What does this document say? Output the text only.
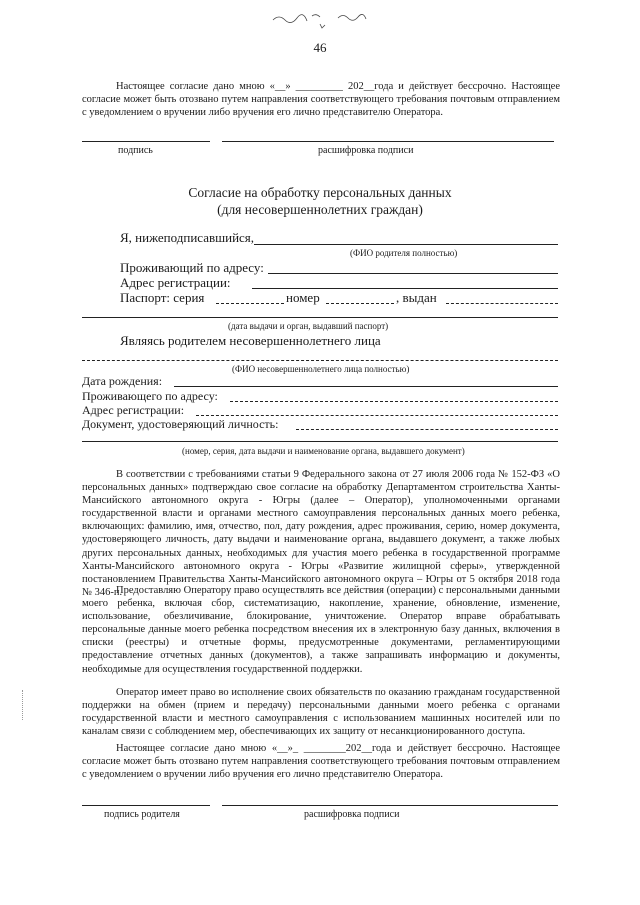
46
Настоящее согласие дано мною «__» _________ 202__года и действует бессрочно. Настоящее согласие может быть отозвано путем направления соответствующего требования почтовым отправлением с уведомлением о вручении либо вручения его лично представителю Оператора.
подпись	расшифровка подписи
Согласие на обработку персональных данных
(для несовершеннолетних граждан)
Я, нижеподписавшийся,
(ФИО родителя полностью)
Проживающий по адресу:
Адрес регистрации:
Паспорт: серия	номер	, выдан
(дата выдачи и орган, выдавший паспорт)
Являясь родителем несовершеннолетнего лица
(ФИО несовершеннолетнего лица полностью)
Дата рождения:
Проживающего по адресу:
Адрес регистрации:
Документ, удостоверяющий личность:
(номер, серия, дата выдачи и наименование органа, выдавшего документ)
В соответствии с требованиями статьи 9 Федерального закона от 27 июля 2006 года № 152-ФЗ «О персональных данных» подтверждаю свое согласие на обработку Департаментом строительства Ханты-Мансийского автономного округа - Югры (далее – Оператор), уполномоченными органами государственной власти и органами местного самоуправления персональных данных моего ребенка, включающих: фамилию, имя, отчество, пол, дату рождения, адрес проживания, серию, номер документа, удостоверяющего личность, дату выдачи и наименование органа, выдавшего документ, а также любых других персональных данных, необходимых для участия моего ребенка в государственной программе Ханты-Мансийского автономного округа - Югры «Развитие жилищной сферы», утвержденной постановлением Правительства Ханты-Мансийского автономного округа – Югры от 5 октября 2018 года № 346-п.
Предоставляю Оператору право осуществлять все действия (операции) с персональными данными моего ребенка, включая сбор, систематизацию, накопление, хранение, обновление, изменение, использование, обезличивание, блокирование, уничтожение. Оператор вправе обрабатывать персональные данные моего ребенка посредством внесения их в электронную базу данных, включения в списки (реестры) и отчетные формы, предусмотренные документами, регламентирующими предоставление отчетных данных (документов), а также запрашивать информацию и документы, необходимые для осуществления государственной поддержки.
Оператор имеет право во исполнение своих обязательств по оказанию гражданам государственной поддержки на обмен (прием и передачу) персональными данными моего ребенка с органами государственной власти и местного самоуправления с использованием машинных носителей или по каналам связи с соблюдением мер, обеспечивающих их защиту от несанкционированного доступа.
Настоящее согласие дано мною «__»_ ________202__года и действует бессрочно. Настоящее согласие может быть отозвано путем направления соответствующего требования почтовым отправлением с уведомлением о вручении либо вручения его лично представителю Оператора.
подпись родителя	расшифровка подписи
